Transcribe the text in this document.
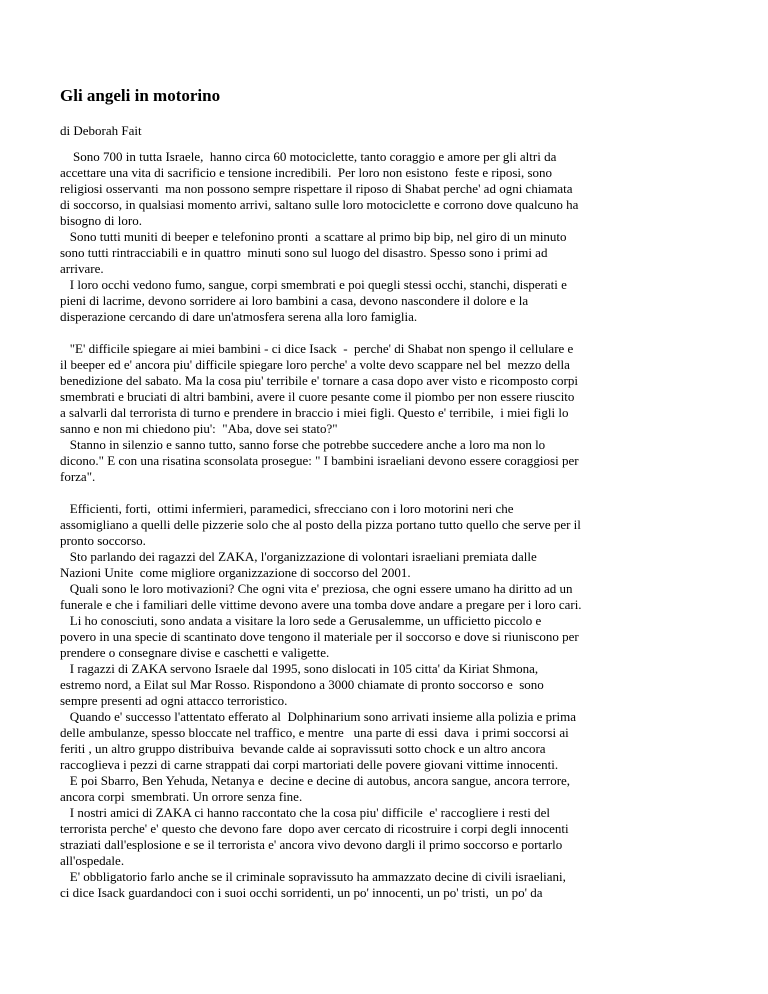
Gli angeli in motorino
di Deborah Fait
Sono 700 in tutta Israele,  hanno circa 60 motociclette, tanto coraggio e amore per gli altri da
accettare una vita di sacrificio e tensione incredibili.  Per loro non esistono  feste e riposi, sono
religiosi osservanti  ma non possono sempre rispettare il riposo di Shabat perche' ad ogni chiamata
di soccorso, in qualsiasi momento arrivi, saltano sulle loro motociclette e corrono dove qualcuno ha
bisogno di loro.
Sono tutti muniti di beeper e telefonino pronti  a scattare al primo bip bip, nel giro di un minuto
sono tutti rintracciabili e in quattro  minuti sono sul luogo del disastro. Spesso sono i primi ad
arrivare.
I loro occhi vedono fumo, sangue, corpi smembrati e poi quegli stessi occhi, stanchi, disperati e
pieni di lacrime, devono sorridere ai loro bambini a casa, devono nascondere il dolore e la
disperazione cercando di dare un'atmosfera serena alla loro famiglia.
"E' difficile spiegare ai miei bambini - ci dice Isack  -  perche' di Shabat non spengo il cellulare e
il beeper ed e' ancora piu' difficile spiegare loro perche' a volte devo scappare nel bel  mezzo della
benedizione del sabato. Ma la cosa piu' terribile e' tornare a casa dopo aver visto e ricomposto corpi
smembrati e bruciati di altri bambini, avere il cuore pesante come il piombo per non essere riuscito
a salvarli dal terrorista di turno e prendere in braccio i miei figli. Questo e' terribile,  i miei figli lo
sanno e non mi chiedono piu':  "Aba, dove sei stato?"
Stanno in silenzio e sanno tutto, sanno forse che potrebbe succedere anche a loro ma non lo
dicono." E con una risatina sconsolata prosegue: " I bambini israeliani devono essere coraggiosi per
forza".
Efficienti, forti,  ottimi infermieri, paramedici, sfrecciano con i loro motorini neri che
assomigliano a quelli delle pizzerie solo che al posto della pizza portano tutto quello che serve per il
pronto soccorso.
Sto parlando dei ragazzi del ZAKA, l'organizzazione di volontari israeliani premiata dalle
Nazioni Unite  come migliore organizzazione di soccorso del 2001.
Quali sono le loro motivazioni? Che ogni vita e' preziosa, che ogni essere umano ha diritto ad un
funerale e che i familiari delle vittime devono avere una tomba dove andare a pregare per i loro cari.
Li ho conosciuti, sono andata a visitare la loro sede a Gerusalemme, un ufficietto piccolo e
povero in una specie di scantinato dove tengono il materiale per il soccorso e dove si riuniscono per
prendere o consegnare divise e caschetti e valigette.
I ragazzi di ZAKA servono Israele dal 1995, sono dislocati in 105 citta' da Kiriat Shmona,
estremo nord, a Eilat sul Mar Rosso. Rispondono a 3000 chiamate di pronto soccorso e  sono
sempre presenti ad ogni attacco terroristico.
Quando e' successo l'attentato efferato al  Dolphinarium sono arrivati insieme alla polizia e prima
delle ambulanze, spesso bloccate nel traffico, e mentre   una parte di essi  dava  i primi soccorsi ai
feriti , un altro gruppo distribuiva  bevande calde ai sopravissuti sotto chock e un altro ancora
raccoglieva i pezzi di carne strappati dai corpi martoriati delle povere giovani vittime innocenti.
E poi Sbarro, Ben Yehuda, Netanya e  decine e decine di autobus, ancora sangue, ancora terrore,
ancora corpi  smembrati. Un orrore senza fine.
I nostri amici di ZAKA ci hanno raccontato che la cosa piu' difficile  e' raccogliere i resti del
terrorista perche' e' questo che devono fare  dopo aver cercato di ricostruire i corpi degli innocenti
straziati dall'esplosione e se il terrorista e' ancora vivo devono dargli il primo soccorso e portarlo
all'ospedale.
E' obbligatorio farlo anche se il criminale sopravissuto ha ammazzato decine di civili israeliani,
ci dice Isack guardandoci con i suoi occhi sorridenti, un po' innocenti, un po' tristi,  un po' da
